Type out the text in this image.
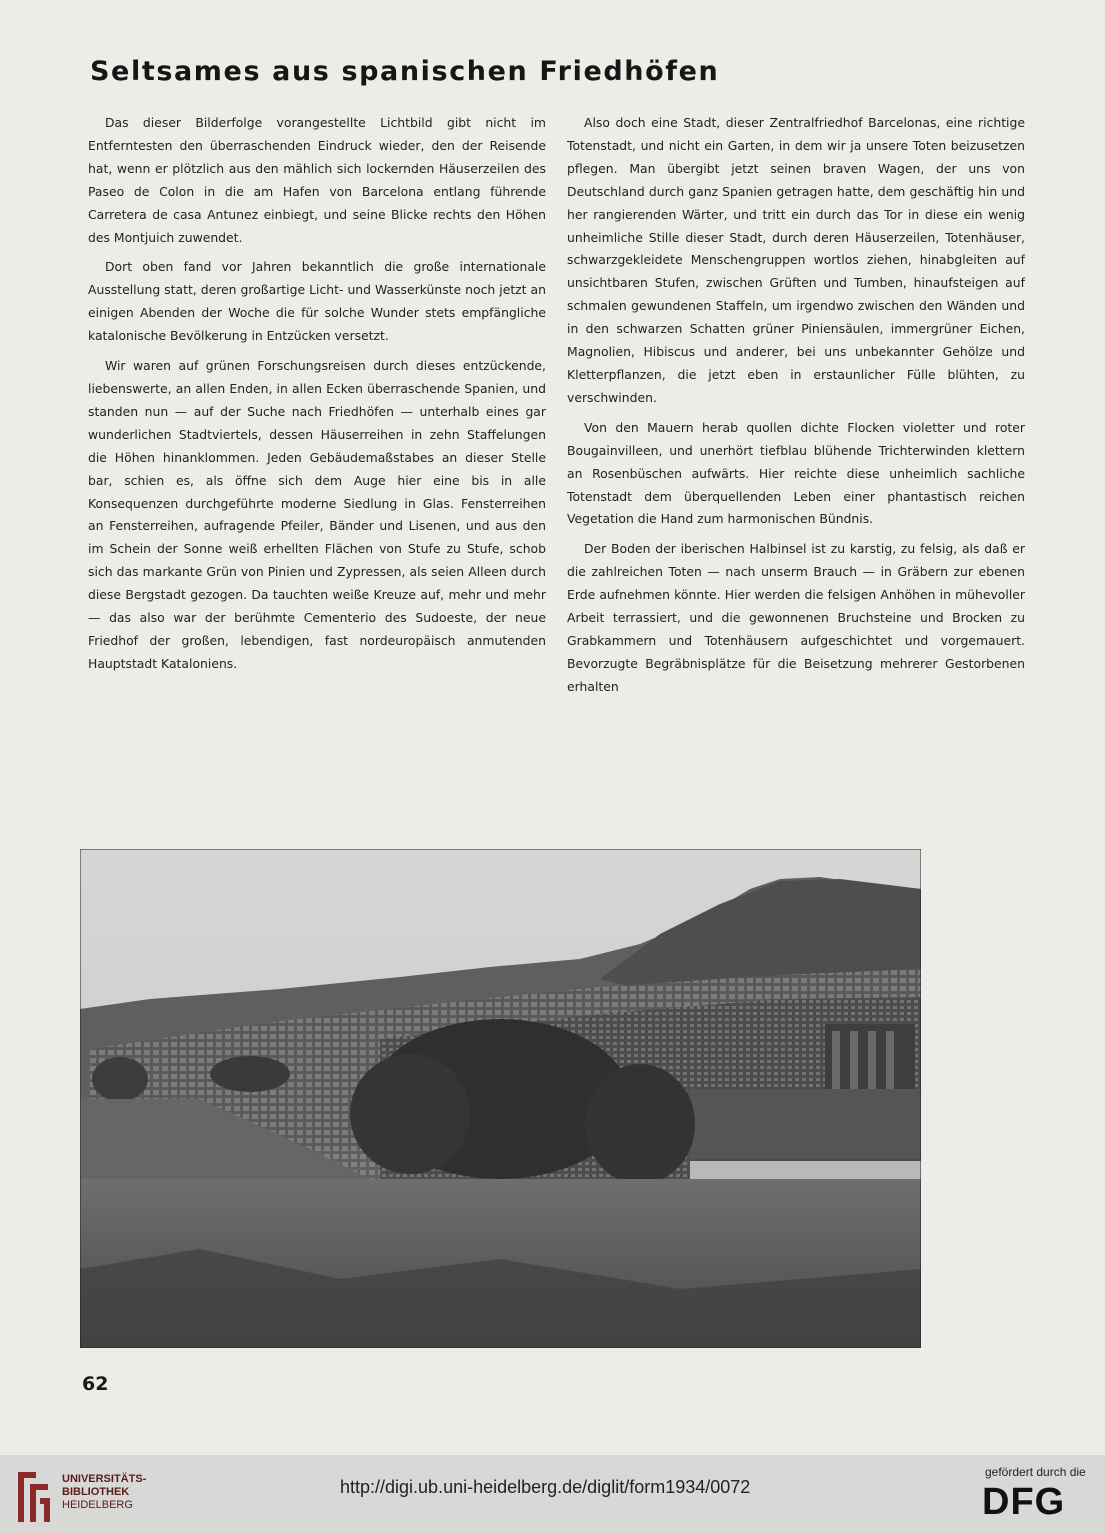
Seltsames aus spanischen Friedhöfen

Das dieser Bilderfolge vorangestellte Lichtbild gibt nicht im Entferntesten den überraschenden Eindruck wieder, den der Reisende hat, wenn er plötzlich aus den mählich sich lockernden Häuserzeilen des Paseo de Colon in die am Hafen von Barcelona entlang führende Carretera de casa Antunez einbiegt, und seine Blicke rechts den Höhen des Montjuich zuwendet.

Dort oben fand vor Jahren bekanntlich die große internationale Ausstellung statt, deren großartige Licht- und Wasserkünste noch jetzt an einigen Abenden der Woche die für solche Wunder stets empfängliche katalonische Bevölkerung in Entzücken versetzt.

Wir waren auf grünen Forschungsreisen durch dieses entzückende, liebenswerte, an allen Enden, in allen Ecken überraschende Spanien, und standen nun — auf der Suche nach Friedhöfen — unterhalb eines gar wunderlichen Stadtviertels, dessen Häuserreihen in zehn Staffelungen die Höhen hinanklommen. Jeden Gebäudemaßstabes an dieser Stelle bar, schien es, als öffne sich dem Auge hier eine bis in alle Konsequenzen durchgeführte moderne Siedlung in Glas. Fensterreihen an Fensterreihen, aufragende Pfeiler, Bänder und Lisenen, und aus den im Schein der Sonne weiß erhellten Flächen von Stufe zu Stufe, schob sich das markante Grün von Pinien und Zypressen, als seien Alleen durch diese Bergstadt gezogen. Da tauchten weiße Kreuze auf, mehr und mehr — das also war der berühmte Cementerio des Sudoeste, der neue Friedhof der großen, lebendigen, fast nordeuropäisch anmutenden Hauptstadt Kataloniens.

Also doch eine Stadt, dieser Zentralfriedhof Barcelonas, eine richtige Totenstadt, und nicht ein Garten, in dem wir ja unsere Toten beizusetzen pflegen. Man übergibt jetzt seinen braven Wagen, der uns von Deutschland durch ganz Spanien getragen hatte, dem geschäftig hin und her rangierenden Wärter, und tritt ein durch das Tor in diese ein wenig unheimliche Stille dieser Stadt, durch deren Häuserzeilen, Totenhäuser, schwarzgekleidete Menschengruppen wortlos ziehen, hinabgleiten auf unsichtbaren Stufen, zwischen Grüften und Tumben, hinaufsteigen auf schmalen gewundenen Staffeln, um irgendwo zwischen den Wänden und in den schwarzen Schatten grüner Piniensäulen, immergrüner Eichen, Magnolien, Hibiscus und anderer, bei uns unbekannter Gehölze und Kletterpflanzen, die jetzt eben in erstaunlicher Fülle blühten, zu verschwinden.

Von den Mauern herab quollen dichte Flocken violetter und roter Bougainvilleen, und unerhört tiefblau blühende Trichterwinden klettern an Rosenbüschen aufwärts. Hier reichte diese unheimlich sachliche Totenstadt dem überquellenden Leben einer phantastisch reichen Vegetation die Hand zum harmonischen Bündnis.

Der Boden der iberischen Halbinsel ist zu karstig, zu felsig, als daß er die zahlreichen Toten — nach unserm Brauch — in Gräbern zur ebenen Erde aufnehmen könnte. Hier werden die felsigen Anhöhen in mühevoller Arbeit terrassiert, und die gewonnenen Bruchsteine und Brocken zu Grabkammern und Totenhäusern aufgeschichtet und vorgemauert. Bevorzugte Begräbnisplätze für die Beisetzung mehrerer Gestorbenen erhalten

62

UNIVERSITÄTS-
BIBLIOTHEK
HEIDELBERG

http://digi.ub.uni-heidelberg.de/diglit/form1934/0072

gefördert durch die
DFG
